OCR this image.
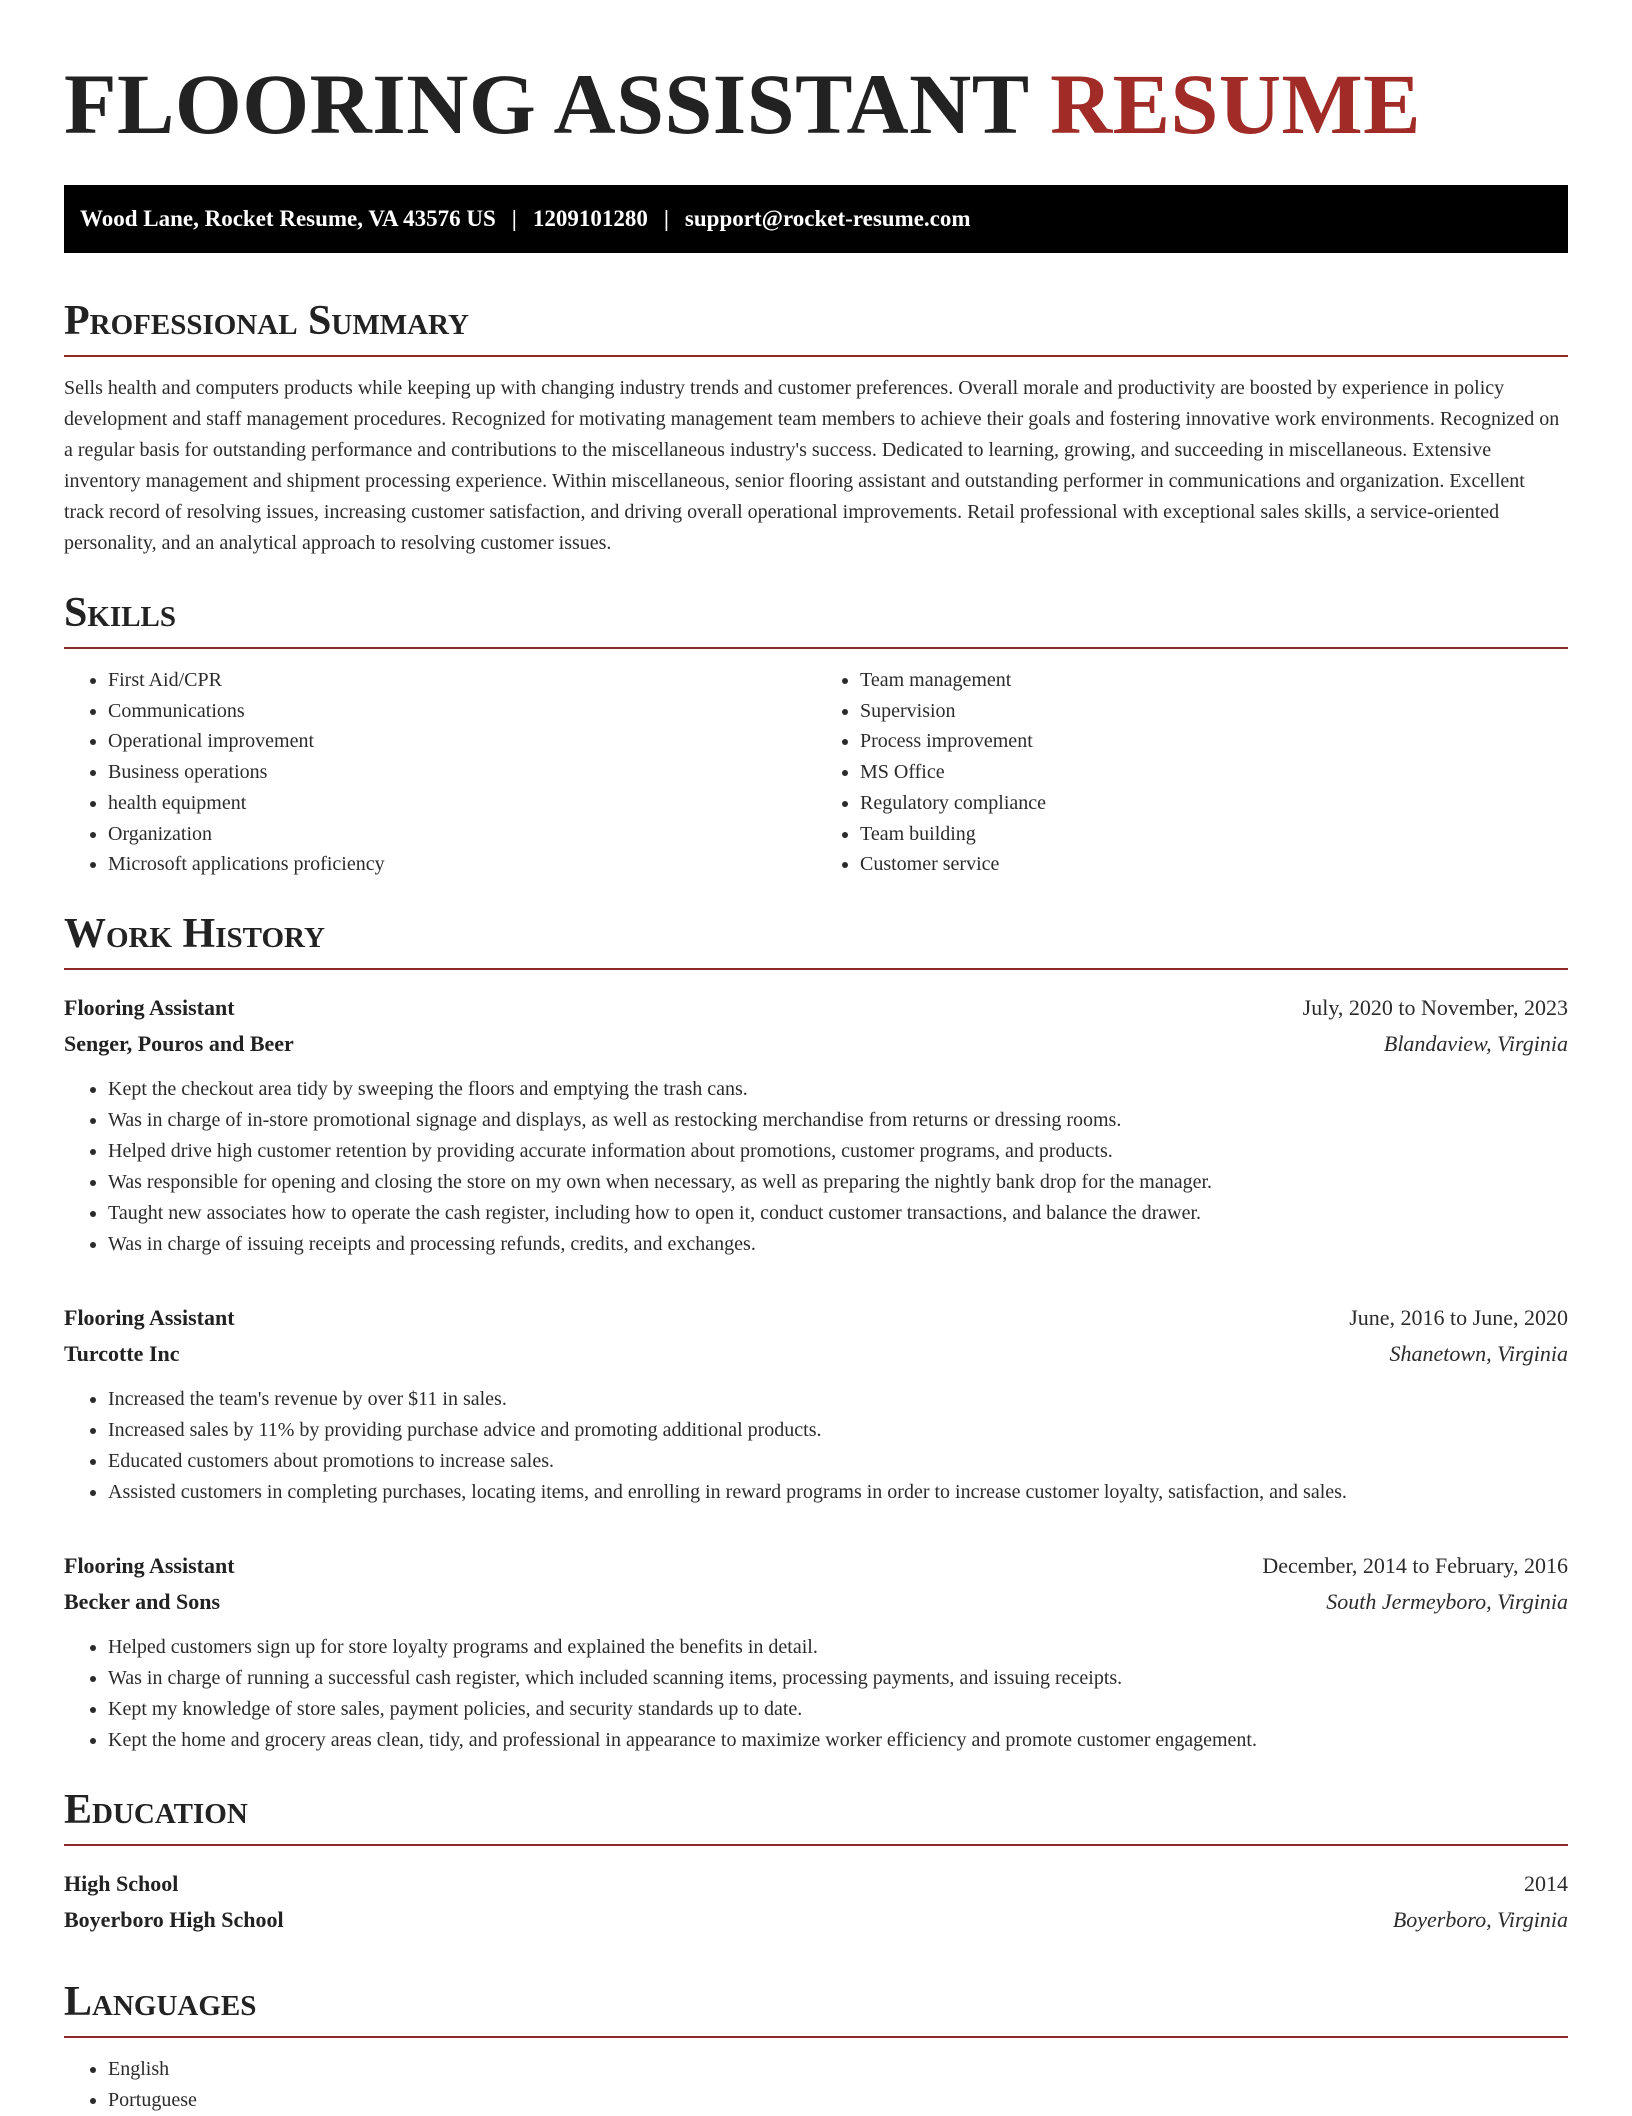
FLOORING ASSISTANT RESUME
Wood Lane, Rocket Resume, VA 43576 US | 1209101280 | support@rocket-resume.com
Professional Summary

Sells health and computers products while keeping up with changing industry trends and customer preferences. Overall morale and productivity are boosted by experience in policy development and staff management procedures. Recognized for motivating management team members to achieve their goals and fostering innovative work environments. Recognized on a regular basis for outstanding performance and contributions to the miscellaneous industry's success. Dedicated to learning, growing, and succeeding in miscellaneous. Extensive inventory management and shipment processing experience. Within miscellaneous, senior flooring assistant and outstanding performer in communications and organization. Excellent track record of resolving issues, increasing customer satisfaction, and driving overall operational improvements. Retail professional with exceptional sales skills, a service-oriented personality, and an analytical approach to resolving customer issues.

Skills
• First Aid/CPR
• Communications
• Operational improvement
• Business operations
• health equipment
• Organization
• Microsoft applications proficiency
• Team management
• Supervision
• Process improvement
• MS Office
• Regulatory compliance
• Team building
• Customer service
Work History
Flooring Assistant	July, 2020 to November, 2023
Senger, Pouros and Beer	Blandaview, Virginia
• Kept the checkout area tidy by sweeping the floors and emptying the trash cans.
• Was in charge of in-store promotional signage and displays, as well as restocking merchandise from returns or dressing rooms.
• Helped drive high customer retention by providing accurate information about promotions, customer programs, and products.
• Was responsible for opening and closing the store on my own when necessary, as well as preparing the nightly bank drop for the manager.
• Taught new associates how to operate the cash register, including how to open it, conduct customer transactions, and balance the drawer.
• Was in charge of issuing receipts and processing refunds, credits, and exchanges.
Flooring Assistant	June, 2016 to June, 2020
Turcotte Inc	Shanetown, Virginia
• Increased the team's revenue by over $11 in sales.
• Increased sales by 11% by providing purchase advice and promoting additional products.
• Educated customers about promotions to increase sales.
• Assisted customers in completing purchases, locating items, and enrolling in reward programs in order to increase customer loyalty, satisfaction, and sales.
Flooring Assistant	December, 2014 to February, 2016
Becker and Sons	South Jermeyboro, Virginia
• Helped customers sign up for store loyalty programs and explained the benefits in detail.
• Was in charge of running a successful cash register, which included scanning items, processing payments, and issuing receipts.
• Kept my knowledge of store sales, payment policies, and security standards up to date.
• Kept the home and grocery areas clean, tidy, and professional in appearance to maximize worker efficiency and promote customer engagement.
Education
High School	2014
Boyerboro High School	Boyerboro, Virginia
Languages
• English
• Portuguese
